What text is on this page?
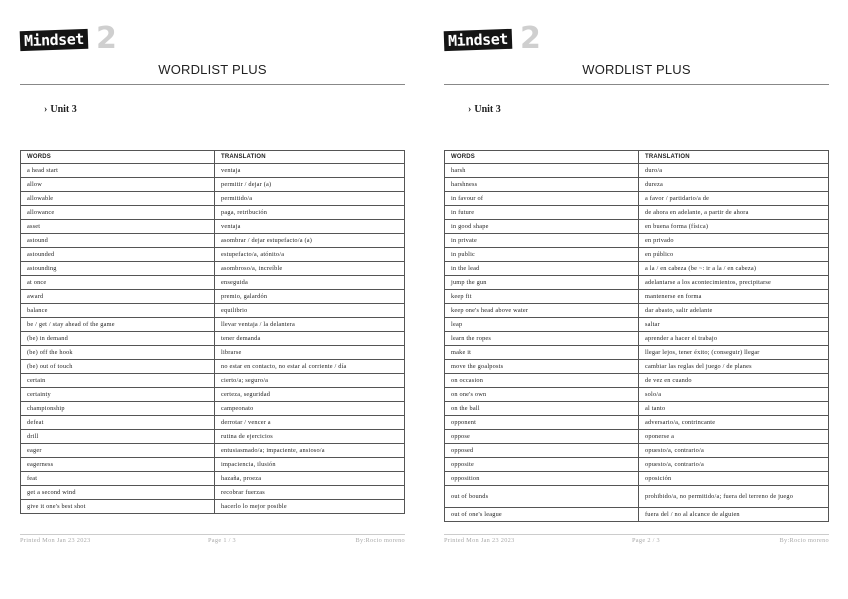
Mindset 2
WORDLIST PLUS
› Unit 3
WORDS	TRANSLATION
a head start	ventaja
allow	permitir / dejar (a)
allowable	permitido/a
allowance	paga, retribución
asset	ventaja
astound	asombrar / dejar estupefacto/a (a)
astounded	estupefacto/a, atónito/a
astounding	asombroso/a, increíble
at once	enseguida
award	premio, galardón
balance	equilibrio
be / get / stay ahead of the game	llevar ventaja / la delantera
(be) in demand	tener demanda
(be) off the hook	librarse
(be) out of touch	no estar en contacto, no estar al corriente / día
certain	cierto/a; seguro/a
certainty	certeza, seguridad
championship	campeonato
defeat	derrotar / vencer a
drill	rutina de ejercicios
eager	entusiasmado/a; impaciente, ansioso/a
eagerness	impaciencia, ilusión
feat	hazaña, proeza
get a second wind	recobrar fuerzas
give it one's best shot	hacerlo lo mejor posible
Printed Mon Jan 23 2023	Page 1 / 3	By:Rocio moreno
Mindset 2
WORDLIST PLUS
› Unit 3
WORDS	TRANSLATION
harsh	duro/a
harshness	dureza
in favour of	a favor / partidario/a de
in future	de ahora en adelante, a partir de ahora
in good shape	en buena forma (física)
in private	en privado
in public	en público
in the lead	a la / en cabeza (be ~: ir a la / en cabeza)
jump the gun	adelantarse a los acontecimientos, precipitarse
keep fit	mantenerse en forma
keep one's head above water	dar abasto, salir adelante
leap	saltar
learn the ropes	aprender a hacer el trabajo
make it	llegar lejos, tener éxito; (conseguir) llegar
move the goalposts	cambiar las reglas del juego / de planes
on occasion	de vez en cuando
on one's own	solo/a
on the ball	al tanto
opponent	adversario/a, contrincante
oppose	oponerse a
opposed	opuesto/a, contrario/a
opposite	opuesto/a, contrario/a
opposition	oposición
out of bounds	prohibido/a, no permitido/a; fuera del terreno de juego
out of one's league	fuera del / no al alcance de alguien
Printed Mon Jan 23 2023	Page 2 / 3	By:Rocio moreno
